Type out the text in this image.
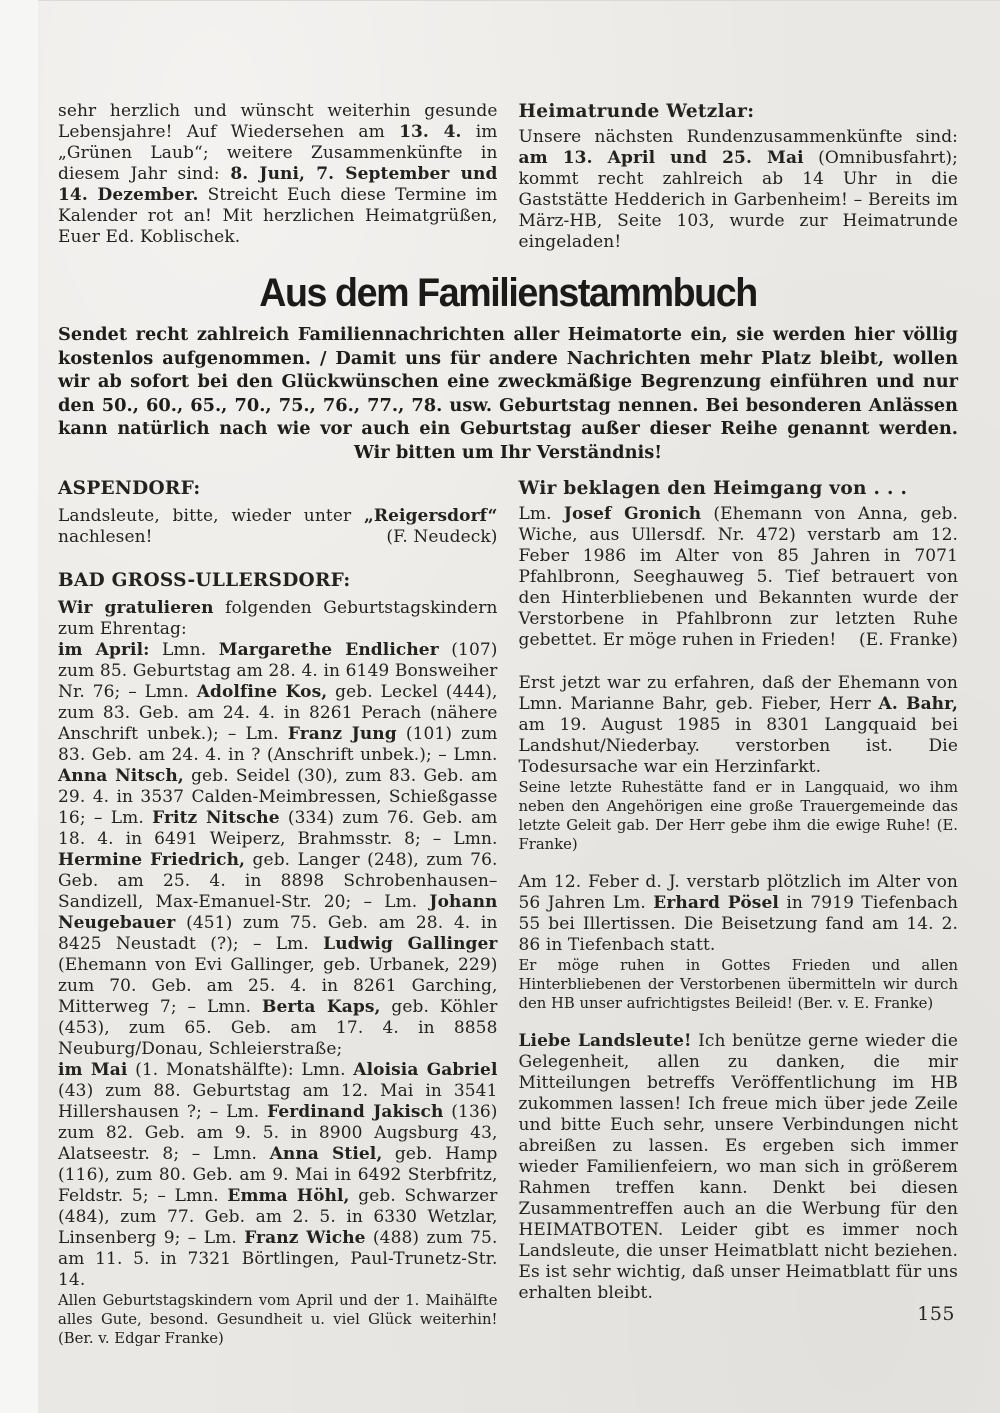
sehr herzlich und wünscht weiterhin gesunde Lebensjahre! Auf Wiedersehen am 13. 4. im „Grünen Laub“; weitere Zusammenkünfte in diesem Jahr sind: 8. Juni, 7. September und 14. Dezember. Streicht Euch diese Termine im Kalender rot an! Mit herzlichen Heimatgrüßen, Euer Ed. Koblischek.

Heimatrunde Wetzlar:

Unsere nächsten Rundenzusammenkünfte sind: am 13. April und 25. Mai (Omnibusfahrt); kommt recht zahlreich ab 14 Uhr in die Gaststätte Hedderich in Garbenheim! – Bereits im März-HB, Seite 103, wurde zur Heimatrunde eingeladen!

Aus dem Familienstammbuch

Sendet recht zahlreich Familiennachrichten aller Heimatorte ein, sie werden hier völlig kostenlos aufgenommen. / Damit uns für andere Nachrichten mehr Platz bleibt, wollen wir ab sofort bei den Glückwünschen eine zweckmäßige Begrenzung einführen und nur den 50., 60., 65., 70., 75., 76., 77., 78. usw. Geburtstag nennen. Bei besonderen Anlässen kann natürlich nach wie vor auch ein Geburtstag außer dieser Reihe genannt werden. Wir bitten um Ihr Verständnis!

ASPENDORF:

Landsleute, bitte, wieder unter „Reigersdorf“ nachlesen!	(F. Neudeck)

BAD GROSS-ULLERSDORF:

Wir gratulieren folgenden Geburtstagskindern zum Ehrentag:

im April: Lmn. Margarethe Endlicher (107) zum 85. Geburtstag am 28. 4. in 6149 Bonsweiher Nr. 76; – Lmn. Adolfine Kos, geb. Leckel (444), zum 83. Geb. am 24. 4. in 8261 Perach (nähere Anschrift unbek.); – Lm. Franz Jung (101) zum 83. Geb. am 24. 4. in ? (Anschrift unbek.); – Lmn. Anna Nitsch, geb. Seidel (30), zum 83. Geb. am 29. 4. in 3537 Calden-Meimbressen, Schießgasse 16; – Lm. Fritz Nitsche (334) zum 76. Geb. am 18. 4. in 6491 Weiperz, Brahmsstr. 8; – Lmn. Hermine Friedrich, geb. Langer (248), zum 76. Geb. am 25. 4. in 8898 Schrobenhausen–Sandizell, Max-Emanuel-Str. 20; – Lm. Johann Neugebauer (451) zum 75. Geb. am 28. 4. in 8425 Neustadt (?); – Lm. Ludwig Gallinger (Ehemann von Evi Gallinger, geb. Urbanek, 229) zum 70. Geb. am 25. 4. in 8261 Garching, Mitterweg 7; – Lmn. Berta Kaps, geb. Köhler (453), zum 65. Geb. am 17. 4. in 8858 Neuburg/Donau, Schleierstraße;

im Mai (1. Monatshälfte): Lmn. Aloisia Gabriel (43) zum 88. Geburtstag am 12. Mai in 3541 Hillershausen ?; – Lm. Ferdinand Jakisch (136) zum 82. Geb. am 9. 5. in 8900 Augsburg 43, Alatseestr. 8; – Lmn. Anna Stiel, geb. Hamp (116), zum 80. Geb. am 9. Mai in 6492 Sterbfritz, Feldstr. 5; – Lmn. Emma Höhl, geb. Schwarzer (484), zum 77. Geb. am 2. 5. in 6330 Wetzlar, Linsenberg 9; – Lm. Franz Wiche (488) zum 75. am 11. 5. in 7321 Börtlingen, Paul-Trunetz-Str. 14.

Allen Geburtstagskindern vom April und der 1. Maihälfte alles Gute, besond. Gesundheit u. viel Glück weiterhin! (Ber. v. Edgar Franke)

Wir beklagen den Heimgang von . . .

Lm. Josef Gronich (Ehemann von Anna, geb. Wiche, aus Ullersdf. Nr. 472) verstarb am 12. Feber 1986 im Alter von 85 Jahren in 7071 Pfahlbronn, Seeghauweg 5. Tief betrauert von den Hinterbliebenen und Bekannten wurde der Verstorbene in Pfahlbronn zur letzten Ruhe gebettet. Er möge ruhen in Frieden! (E. Franke)

Erst jetzt war zu erfahren, daß der Ehemann von Lmn. Marianne Bahr, geb. Fieber, Herr A. Bahr, am 19. August 1985 in 8301 Langquaid bei Landshut/Niederbay. verstorben ist. Die Todesursache war ein Herzinfarkt.

Seine letzte Ruhestätte fand er in Langquaid, wo ihm neben den Angehörigen eine große Trauergemeinde das letzte Geleit gab. Der Herr gebe ihm die ewige Ruhe! (E. Franke)

Am 12. Feber d. J. verstarb plötzlich im Alter von 56 Jahren Lm. Erhard Pösel in 7919 Tiefenbach 55 bei Illertissen. Die Beisetzung fand am 14. 2. 86 in Tiefenbach statt.

Er möge ruhen in Gottes Frieden und allen Hinterbliebenen der Verstorbenen übermitteln wir durch den HB unser aufrichtigstes Beileid! (Ber. v. E. Franke)

Liebe Landsleute! Ich benütze gerne wieder die Gelegenheit, allen zu danken, die mir Mitteilungen betreffs Veröffentlichung im HB zukommen lassen! Ich freue mich über jede Zeile und bitte Euch sehr, unsere Verbindungen nicht abreißen zu lassen. Es ergeben sich immer wieder Familienfeiern, wo man sich in größerem Rahmen treffen kann. Denkt bei diesen Zusammentreffen auch an die Werbung für den HEIMATBOTEN. Leider gibt es immer noch Landsleute, die unser Heimatblatt nicht beziehen. Es ist sehr wichtig, daß unser Heimatblatt für uns erhalten bleibt.

155
